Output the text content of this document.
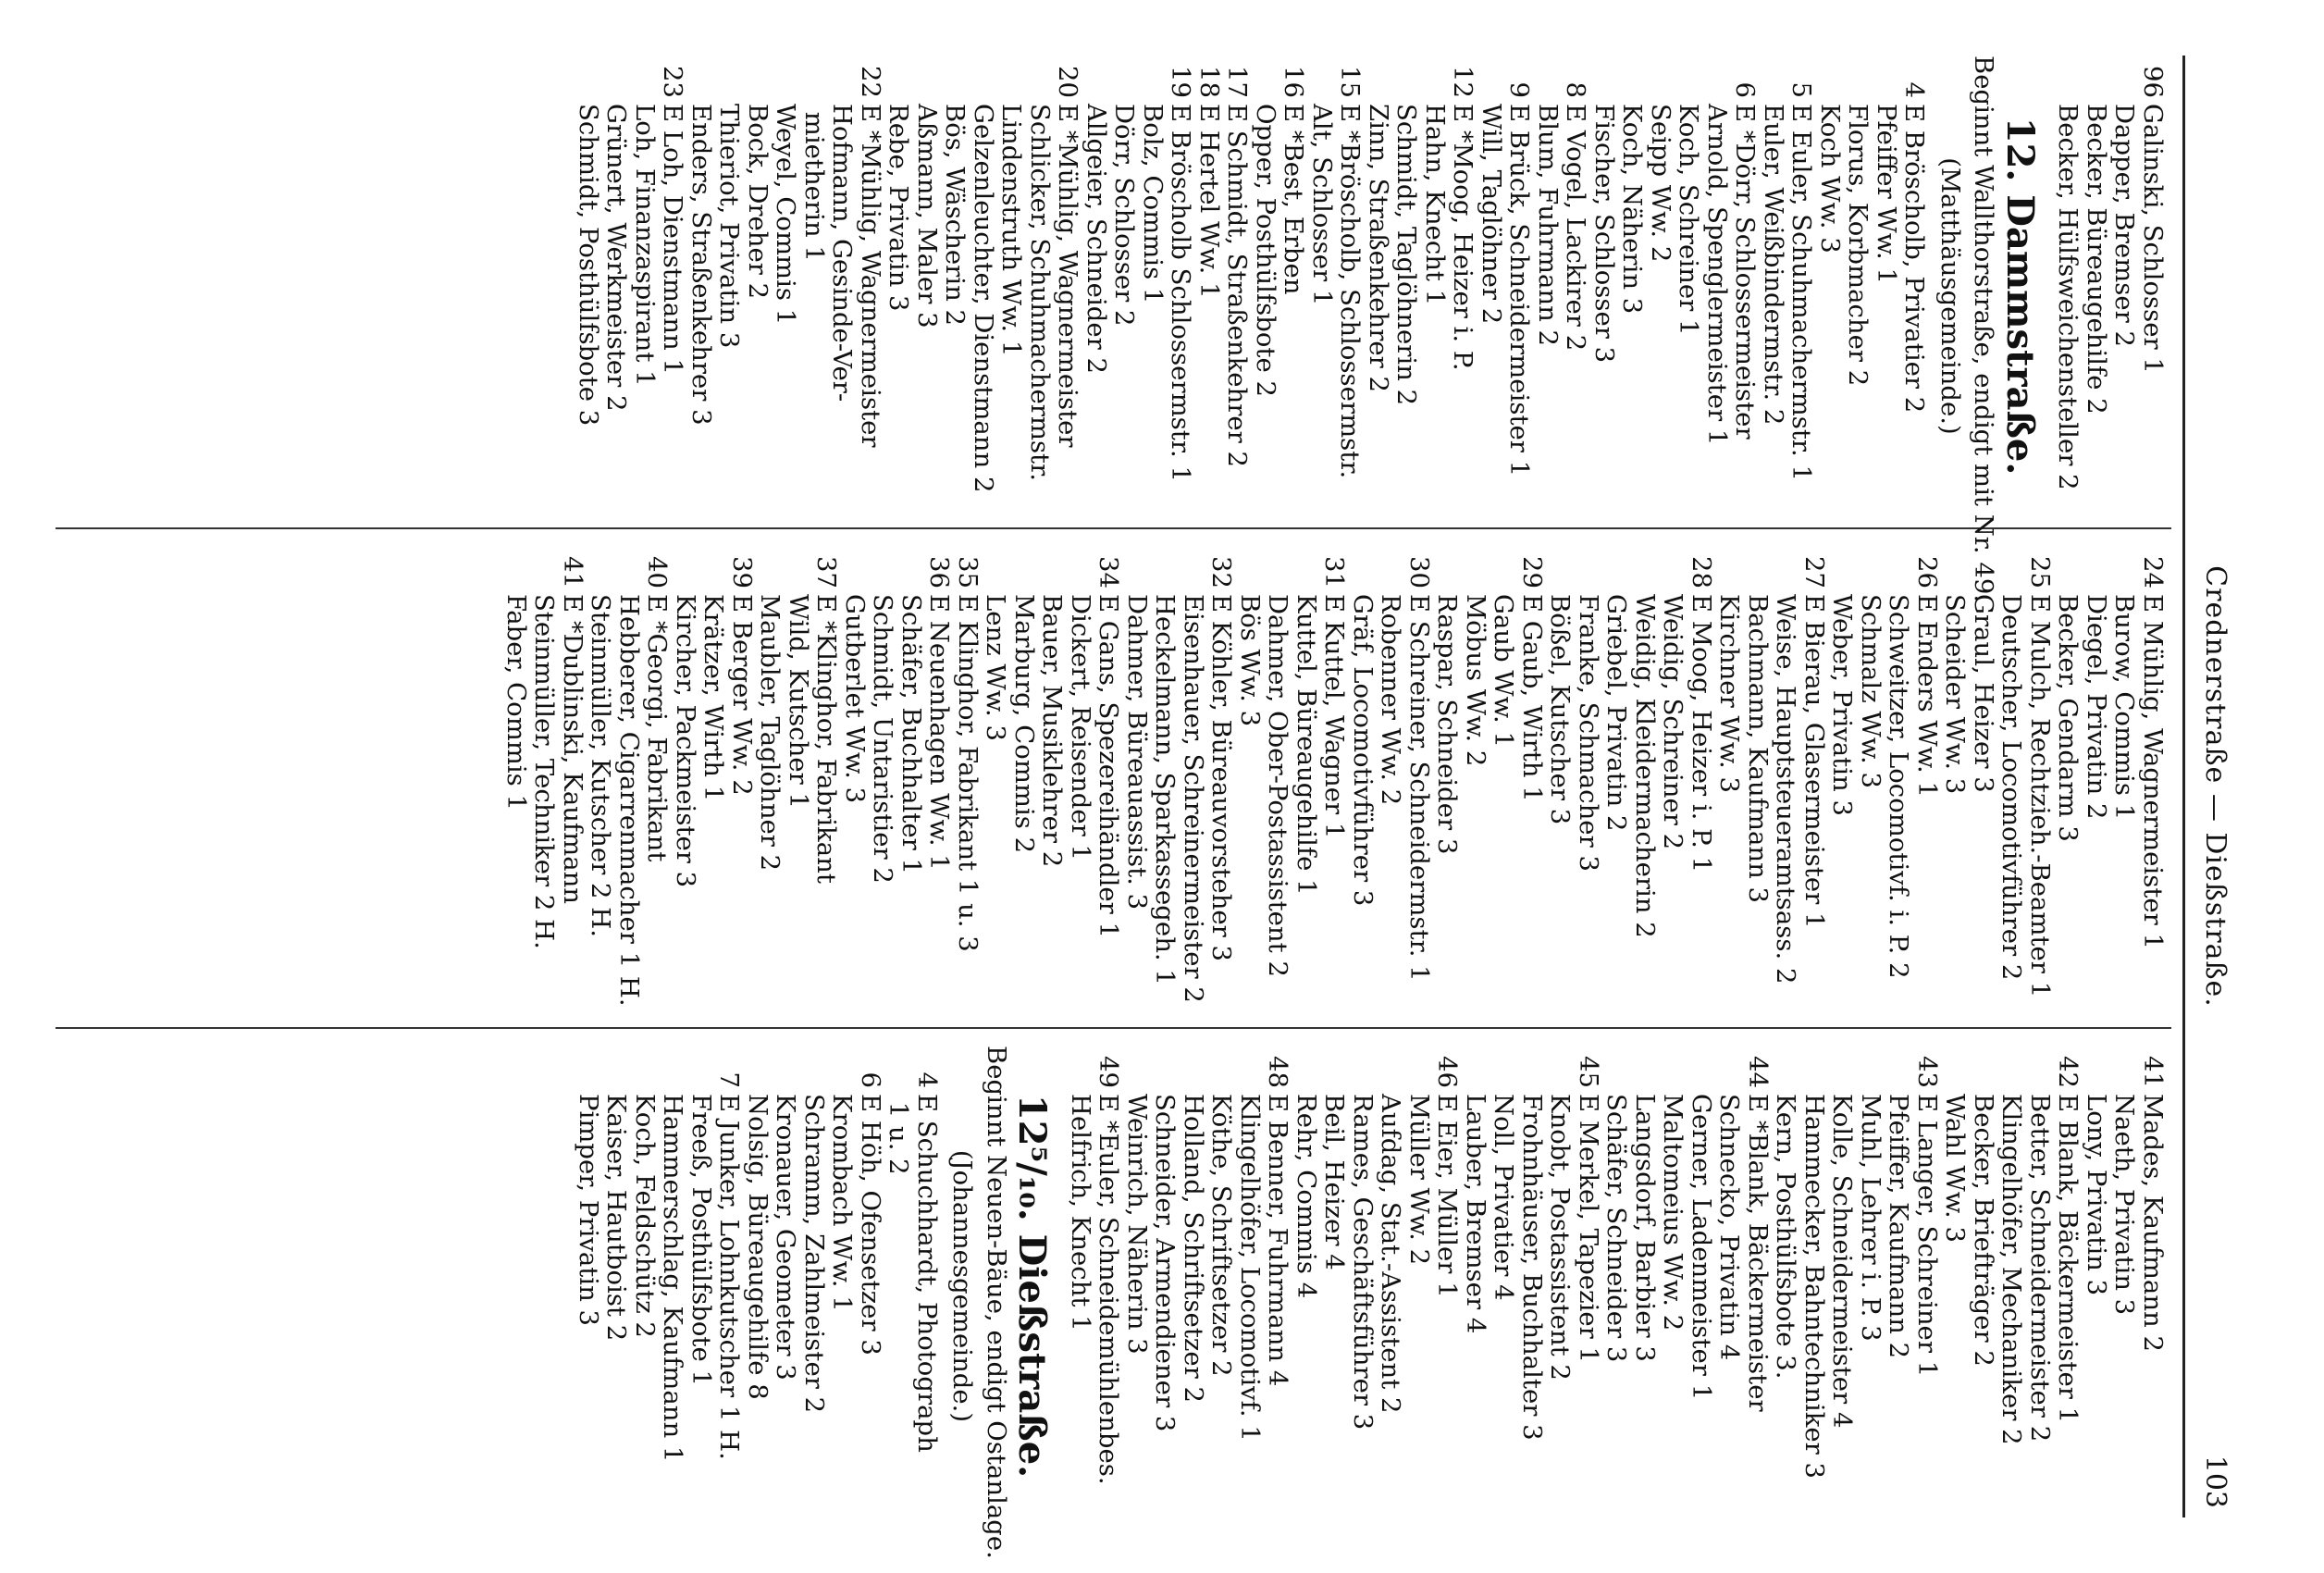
Crednerstraße — Dießstraße.
103
96Galinski, Schlosser 1
Dapper, Bremser 2
Becker, Büreaugehilfe 2
Becker, Hülfsweichensteller 2
12. Dammstraße.
Beginnt Wallthorstraße, endigt mit Nr. 49.
(Matthäusgemeinde.)
4E Bröscholb, Privatier 2
Pfeiffer Ww. 1
Florus, Korbmacher 2
Koch Ww. 3
5E Euler, Schuhmachermstr. 1
Euler, Weißbindermstr. 2
6E *Dörr, Schlossermeister
Arnold, Spenglermeister 1
Koch, Schreiner 1
Seipp Ww. 2
Koch, Näherin 3
Fischer, Schlosser 3
8E Vogel, Lackirer 2
Blum, Fuhrmann 2
9E Brück, Schneidermeister 1
Will, Taglöhner 2
12E *Moog, Heizer i. P.
Hahn, Knecht 1
Schmidt, Taglöhnerin 2
Zinn, Straßenkehrer 2
15E *Bröscholb, Schlossermstr.
Alt, Schlosser 1
16E *Best, Erben
Opper, Posthülfsbote 2
17E Schmidt, Straßenkehrer 2
18E Hertel Ww. 1
19E Bröscholb Schlossermstr. 1
Bolz, Commis 1
Dörr, Schlosser 2
Allgeier, Schneider 2
20E *Mühlig, Wagnermeister
Schlicker, Schuhmachermstr.
Lindenstruth Ww. 1
Gelzenleuchter, Dienstmann 2
Bös, Wäscherin 2
Aßmann, Maler 3
Rebe, Privatin 3
22E *Mühlig, Wagnermeister
Hofmann, Gesinde-Ver-
mietherin 1
Weyel, Commis 1
Bock, Dreher 2
Thieriot, Privatin 3
Enders, Straßenkehrer 3
23E Loh, Dienstmann 1
Loh, Finanzaspirant 1
Grünert, Werkmeister 2
Schmidt, Posthülfsbote 3
24E Mühlig, Wagnermeister 1
Burow, Commis 1
Diegel, Privatin 2
Becker, Gendarm 3
25E Mulch, Rechtzieh.-Beamter 1
Deutscher, Locomotivführer 2
Graul, Heizer 3
Scheider Ww. 3
26E Enders Ww. 1
Schweitzer, Locomotivf. i. P. 2
Schmalz Ww. 3
Weber, Privatin 3
27E Bierau, Glasermeister 1
Weise, Hauptsteueramtsass. 2
Bachmann, Kaufmann 3
Kirchner Ww. 3
28E Moog, Heizer i. P. 1
Weidig, Schreiner 2
Weidig, Kleidermacherin 2
Griebel, Privatin 2
Franke, Schmacher 3
Bößel, Kutscher 3
29E Gaub, Wirth 1
Gaub Ww. 1
Möbus Ww. 2
Raspar, Schneider 3
30E Schreiner, Schneidermstr. 1
Robenner Ww. 2
Gräf, Locomotivführer 3
31E Kuttel, Wagner 1
Kuttel, Büreaugehilfe 1
Dahmer, Ober-Postassistent 2
Bös Ww. 3
32E Köhler, Büreauvorsteher 3
Eisenhauer, Schreinermeister 2
Heckelmann, Sparkassegeh. 1
Dahmer, Büreauassist. 3
34E Gans, Spezereihändler 1
Dickert, Reisender 1
Bauer, Musiklehrer 2
Marburg, Commis 2
Lenz Ww. 3
35E Klinghor, Fabrikant 1 u. 3
36E Neuenhagen Ww. 1
Schäfer, Buchhalter 1
Schmidt, Untaristier 2
Gutberlet Ww. 3
37E *Klinghor, Fabrikant
Wild, Kutscher 1
Maubler, Taglöhner 2
39E Berger Ww. 2
Krätzer, Wirth 1
Kircher, Packmeister 3
40E *Georgi, Fabrikant
Hebberer, Cigarrenmacher 1 H.
Steinmüller, Kutscher 2 H.
41E *Dublinski, Kaufmann
Steinmüller, Techniker 2 H.
Faber, Commis 1
41Mades, Kaufmann 2
Naeth, Privatin 3
Lony, Privatin 3
42E Blank, Bäckermeister 1
Better, Schneidermeister 2
Klingelhöfer, Mechaniker 2
Becker, Briefträger 2
Wahl Ww. 3
43E Langer, Schreiner 1
Pfeiffer, Kaufmann 2
Muhl, Lehrer i. P. 3
Kolle, Schneidermeister 4
Hammecker, Bahntechniker 3
Kern, Posthülfsbote 3.
44E *Blank, Bäckermeister
Schnecko, Privatin 4
Gerner, Ladenmeister 1
Maltomeius Ww. 2
Langsdorf, Barbier 3
Schäfer, Schneider 3
45E Merkel, Tapezier 1
Knobt, Postassistent 2
Frohnhäuser, Buchhalter 3
Noll, Privatier 4
Lauber, Bremser 4
46E Eier, Müller 1
Müller Ww. 2
Aufdag, Stat.-Assistent 2
Rames, Geschäftsführer 3
Beil, Heizer 4
Rehr, Commis 4
48E Benner, Fuhrmann 4
Klingelhöfer, Locomotivf. 1
Köthe, Schriftsetzer 2
Holland, Schriftsetzer 2
Schneider, Armendiener 3
Weinrich, Näherin 3
49E *Euler, Schneidemühlenbes.
Helfrich, Knecht 1
12⁵/₁₀. Dießstraße.
Beginnt Neuen-Bäue, endigt Ostanlage.
(Johannesgemeinde.)
4E Schuchhardt, Photograph
1 u. 2
6E Höh, Ofensetzer 3
Krombach Ww. 1
Schramm, Zahlmeister 2
Kronauer, Geometer 3
Nolsig, Büreaugehilfe 8
7E Junker, Lohnkutscher 1 H.
Freeß, Posthülfsbote 1
Hammerschlag, Kaufmann 1
Koch, Feldschütz 2
Kaiser, Hautboist 2
Pimper, Privatin 3
